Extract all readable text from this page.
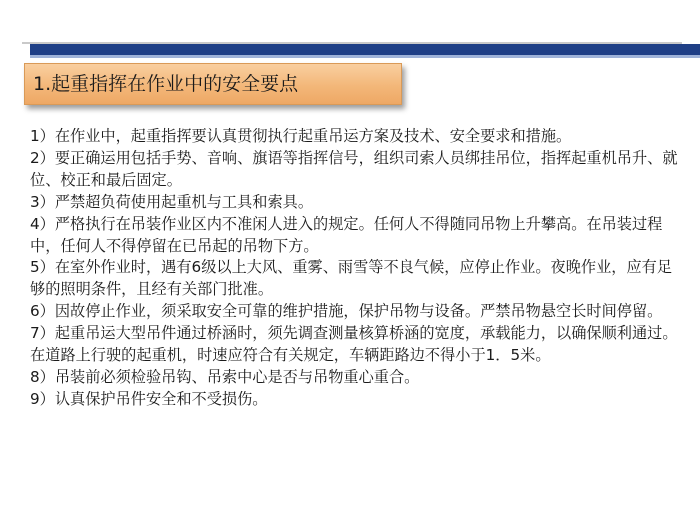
1.起重指挥在作业中的安全要点
1）在作业中，起重指挥要认真贯彻执行起重吊运方案及技术、安全要求和措施。
2）要正确运用包括手势、音响、旗语等指挥信号，组织司索人员绑挂吊位，指挥起重机吊升、就位、校正和最后固定。
3）严禁超负荷使用起重机与工具和索具。
4）严格执行在吊装作业区内不准闲人进入的规定。任何人不得随同吊物上升攀高。在吊装过程中，任何人不得停留在已吊起的吊物下方。
5）在室外作业时，遇有6级以上大风、重雾、雨雪等不良气候，应停止作业。夜晚作业，应有足够的照明条件，且经有关部门批准。
6）因故停止作业，须采取安全可靠的维护措施，保护吊物与设备。严禁吊物悬空长时间停留。
7）起重吊运大型吊件通过桥涵时，须先调查测量核算桥涵的宽度，承载能力，以确保顺利通过。在道路上行驶的起重机，时速应符合有关规定，车辆距路边不得小于1．5米。
8）吊装前必须检验吊钩、吊索中心是否与吊物重心重合。
9）认真保护吊件安全和不受损伤。
